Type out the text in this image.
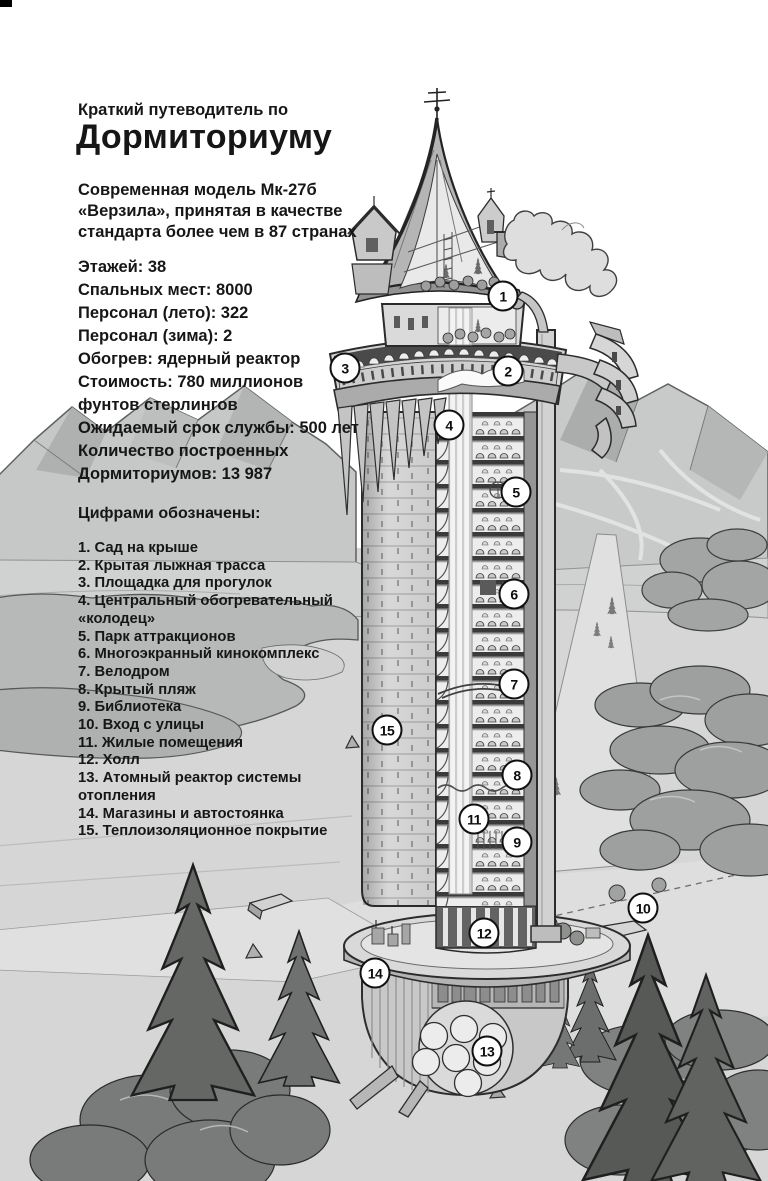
Краткий путеводитель по
Дормиториуму
Современная модель Мк-27б
«Верзила», принятая в качестве
стандарта более чем в 87 странах
Этажей: 38
Спальных мест: 8000
Персонал (лето): 322
Персонал (зима): 2
Обогрев: ядерный реактор
Стоимость: 780 миллионов
фунтов стерлингов
Ожидаемый срок службы: 500 лет
Количество построенных
Дормиториумов: 13 987
Цифрами обозначены:
1. Сад на крыше
2. Крытая лыжная трасса
3. Площадка для прогулок
4. Центральный обогревательный
«колодец»
5. Парк аттракционов
6. Многоэкранный кинокомплекс
7. Велодром
8. Крытый пляж
9. Библиотека
10. Вход с улицы
11. Жилые помещения
12. Холл
13. Атомный реактор системы
отопления
14. Магазины и автостоянка
15. Теплоизоляционное покрытие
1
2
3
4
5
6
7
8
9
10
11
12
13
14
15
